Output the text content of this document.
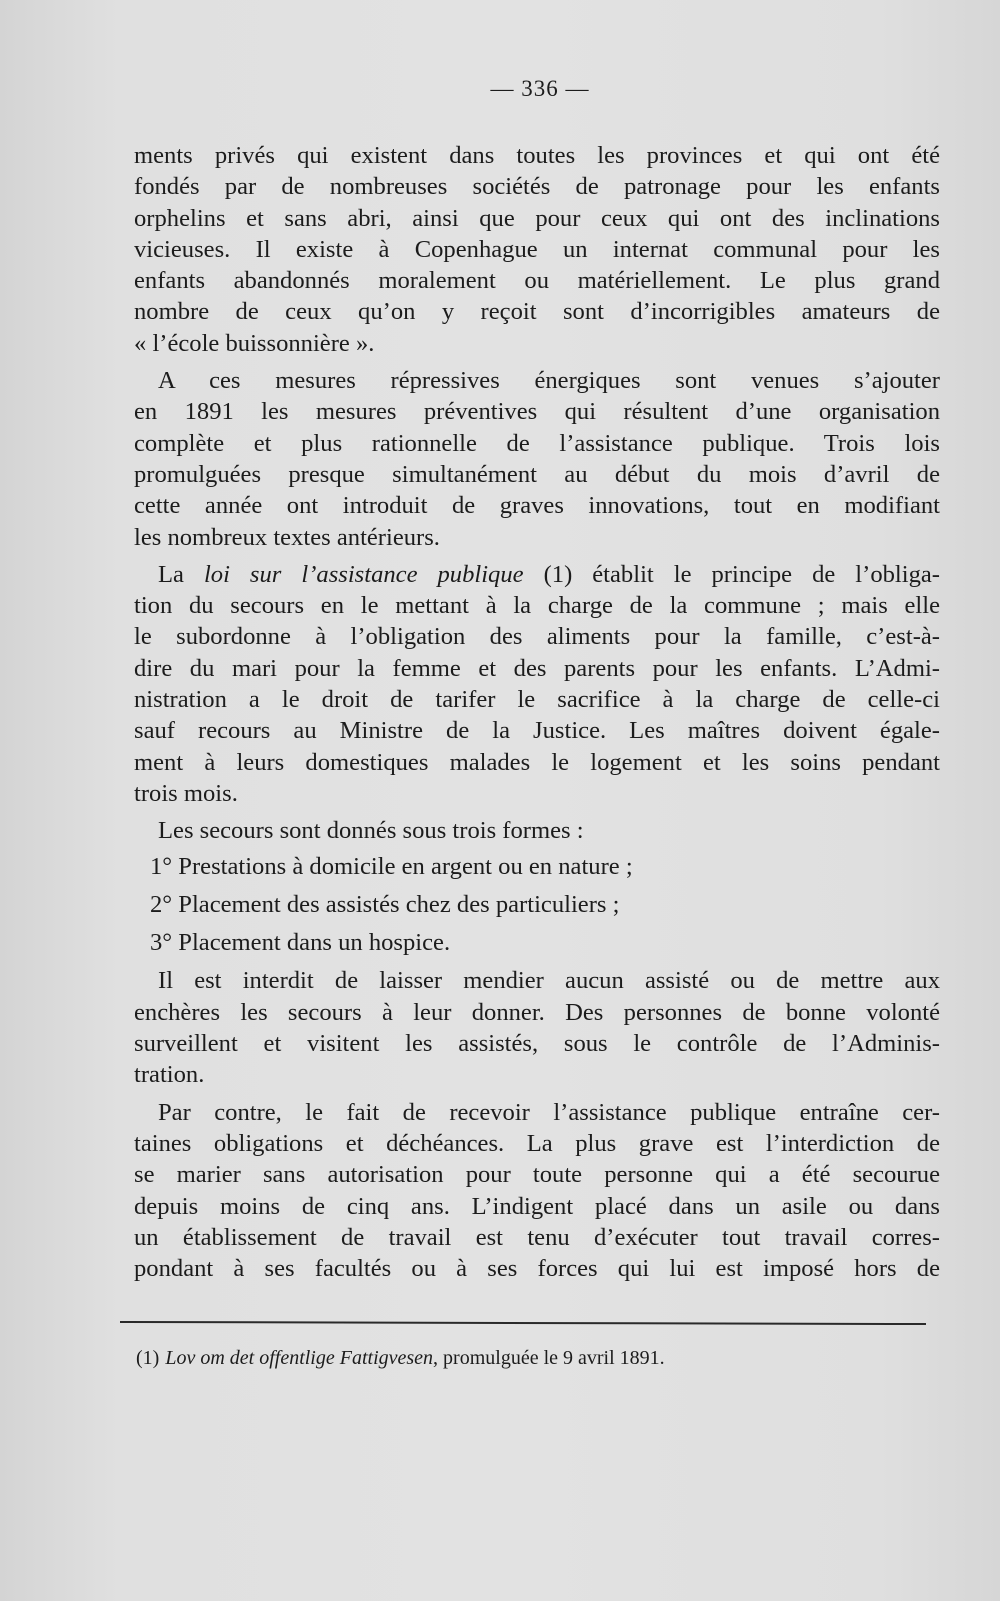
— 336 —
ments privés qui existent dans toutes les provinces et qui ont été
fondés par de nombreuses sociétés de patronage pour les enfants
orphelins et sans abri, ainsi que pour ceux qui ont des inclinations
vicieuses. Il existe à Copenhague un internat communal pour les
enfants abandonnés moralement ou matériellement. Le plus grand
nombre de ceux qu’on y reçoit sont d’incorrigibles amateurs de
« l’école buissonnière ».
A ces mesures répressives énergiques sont venues s’ajouter
en 1891 les mesures préventives qui résultent d’une organisation
complète et plus rationnelle de l’assistance publique. Trois lois
promulguées presque simultanément au début du mois d’avril de
cette année ont introduit de graves innovations, tout en modifiant
les nombreux textes antérieurs.
La loi sur l’assistance publique (1) établit le principe de l’obliga-
tion du secours en le mettant à la charge de la commune ; mais elle
le subordonne à l’obligation des aliments pour la famille, c’est-à-
dire du mari pour la femme et des parents pour les enfants. L’Admi-
nistration a le droit de tarifer le sacrifice à la charge de celle-ci
sauf recours au Ministre de la Justice. Les maîtres doivent égale-
ment à leurs domestiques malades le logement et les soins pendant
trois mois.
Les secours sont donnés sous trois formes :
1° Prestations à domicile en argent ou en nature ;
2° Placement des assistés chez des particuliers ;
3° Placement dans un hospice.
Il est interdit de laisser mendier aucun assisté ou de mettre aux
enchères les secours à leur donner. Des personnes de bonne volonté
surveillent et visitent les assistés, sous le contrôle de l’Adminis-
tration.
Par contre, le fait de recevoir l’assistance publique entraîne cer-
taines obligations et déchéances. La plus grave est l’interdiction de
se marier sans autorisation pour toute personne qui a été secourue
depuis moins de cinq ans. L’indigent placé dans un asile ou dans
un établissement de travail est tenu d’exécuter tout travail corres-
pondant à ses facultés ou à ses forces qui lui est imposé hors de
(1) Lov om det offentlige Fattigvesen, promulguée le 9 avril 1891.
